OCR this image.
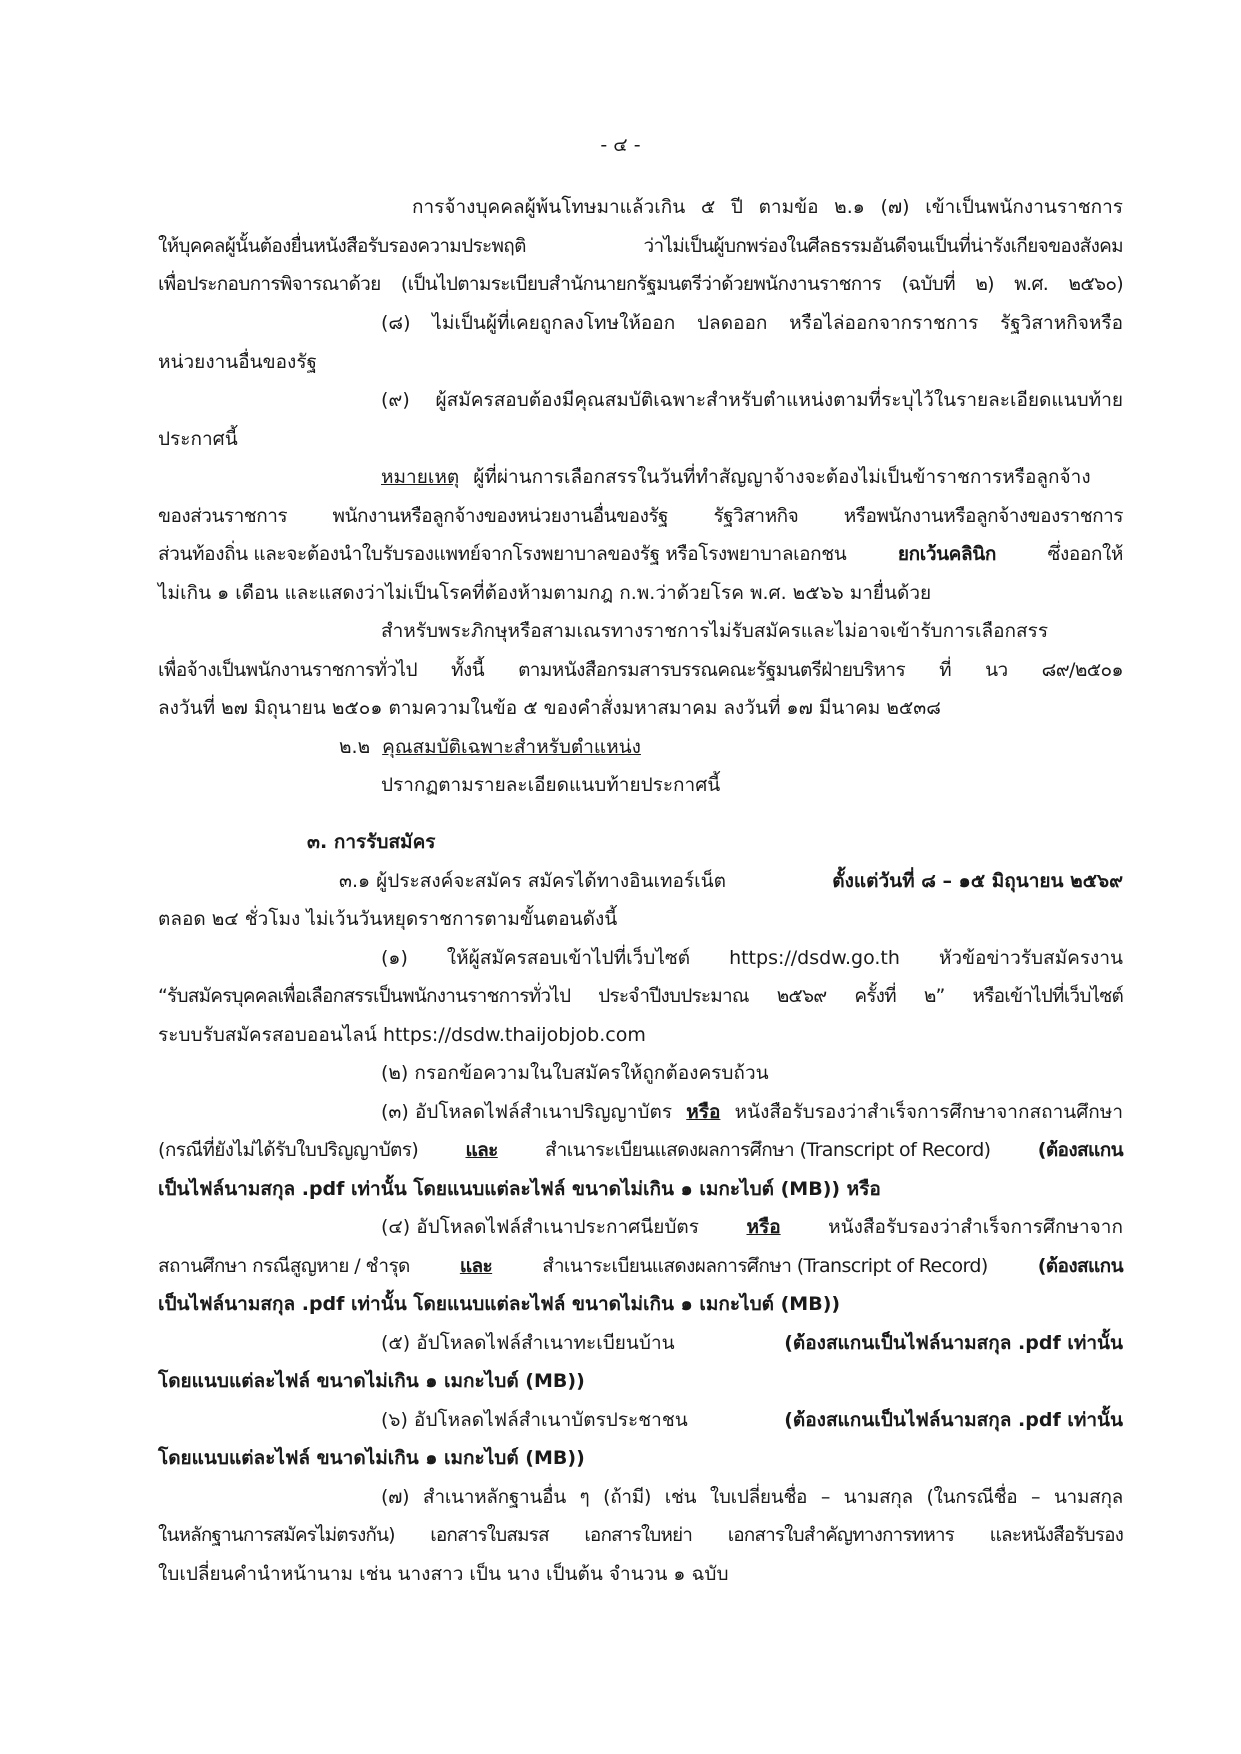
- ๔ -
การจ้างบุคคลผู้พ้นโทษมาแล้วเกิน ๕ ปี ตามข้อ ๒.๑ (๗) เข้าเป็นพนักงานราชการ
ให้บุคคลผู้นั้นต้องยื่นหนังสือรับรองความประพฤติ ว่าไม่เป็นผู้บกพร่องในศีลธรรมอันดีจนเป็นที่น่ารังเกียจของสังคม
เพื่อประกอบการพิจารณาด้วย (เป็นไปตามระเบียบสำนักนายกรัฐมนตรีว่าด้วยพนักงานราชการ (ฉบับที่ ๒) พ.ศ. ๒๕๖๐)
(๘) ไม่เป็นผู้ที่เคยถูกลงโทษให้ออก ปลดออก หรือไล่ออกจากราชการ รัฐวิสาหกิจหรือ
หน่วยงานอื่นของรัฐ
(๙) ผู้สมัครสอบต้องมีคุณสมบัติเฉพาะสำหรับตำแหน่งตามที่ระบุไว้ในรายละเอียดแนบท้าย
ประกาศนี้
หมายเหตุ ผู้ที่ผ่านการเลือกสรรในวันที่ทำสัญญาจ้างจะต้องไม่เป็นข้าราชการหรือลูกจ้าง
ของส่วนราชการ พนักงานหรือลูกจ้างของหน่วยงานอื่นของรัฐ รัฐวิสาหกิจ หรือพนักงานหรือลูกจ้างของราชการ
ส่วนท้องถิ่น และจะต้องนำใบรับรองแพทย์จากโรงพยาบาลของรัฐ หรือโรงพยาบาลเอกชน	ยกเว้นคลินิก	ซึ่งออกให้
ไม่เกิน ๑ เดือน และแสดงว่าไม่เป็นโรคที่ต้องห้ามตามกฎ ก.พ.ว่าด้วยโรค พ.ศ. ๒๕๖๖ มายื่นด้วย
สำหรับพระภิกษุหรือสามเณรทางราชการไม่รับสมัครและไม่อาจเข้ารับการเลือกสรร
เพื่อจ้างเป็นพนักงานราชการทั่วไป ทั้งนี้ ตามหนังสือกรมสารบรรณคณะรัฐมนตรีฝ่ายบริหาร ที่ นว ๘๙/๒๕๐๑
ลงวันที่ ๒๗ มิถุนายน ๒๕๐๑ ตามความในข้อ ๕ ของคำสั่งมหาสมาคม ลงวันที่ ๑๗ มีนาคม ๒๕๓๘
๒.๒ คุณสมบัติเฉพาะสำหรับตำแหน่ง
ปรากฏตามรายละเอียดแนบท้ายประกาศนี้
๓. การรับสมัคร
๓.๑ ผู้ประสงค์จะสมัคร สมัครได้ทางอินเทอร์เน็ต	ตั้งแต่วันที่ ๘ – ๑๕ มิถุนายน ๒๕๖๙
ตลอด ๒๔ ชั่วโมง ไม่เว้นวันหยุดราชการตามขั้นตอนดังนี้
(๑) ให้ผู้สมัครสอบเข้าไปที่เว็บไซต์ https://dsdw.go.th หัวข้อข่าวรับสมัครงาน
“รับสมัครบุคคลเพื่อเลือกสรรเป็นพนักงานราชการทั่วไป ประจำปีงบประมาณ ๒๕๖๙ ครั้งที่ ๒” หรือเข้าไปที่เว็บไซต์
ระบบรับสมัครสอบออนไลน์ https://dsdw.thaijobjob.com
(๒) กรอกข้อความในใบสมัครให้ถูกต้องครบถ้วน
(๓) อัปโหลดไฟล์สำเนาปริญญาบัตร หรือ หนังสือรับรองว่าสำเร็จการศึกษาจากสถานศึกษา
(กรณีที่ยังไม่ได้รับใบปริญญาบัตร) และ สำเนาระเบียนแสดงผลการศึกษา (Transcript of Record) (ต้องสแกน
เป็นไฟล์นามสกุล .pdf เท่านั้น โดยแนบแต่ละไฟล์ ขนาดไม่เกิน ๑ เมกะไบต์ (MB)) หรือ
(๔) อัปโหลดไฟล์สำเนาประกาศนียบัตร	หรือ	หนังสือรับรองว่าสำเร็จการศึกษาจาก
สถานศึกษา กรณีสูญหาย / ชำรุด	และ	สำเนาระเบียนแสดงผลการศึกษา (Transcript of Record)	(ต้องสแกน
เป็นไฟล์นามสกุล .pdf เท่านั้น โดยแนบแต่ละไฟล์ ขนาดไม่เกิน ๑ เมกะไบต์ (MB))
(๕) อัปโหลดไฟล์สำเนาทะเบียนบ้าน	(ต้องสแกนเป็นไฟล์นามสกุล .pdf เท่านั้น
โดยแนบแต่ละไฟล์ ขนาดไม่เกิน ๑ เมกะไบต์ (MB))
(๖) อัปโหลดไฟล์สำเนาบัตรประชาชน	(ต้องสแกนเป็นไฟล์นามสกุล .pdf เท่านั้น
โดยแนบแต่ละไฟล์ ขนาดไม่เกิน ๑ เมกะไบต์ (MB))
(๗) สำเนาหลักฐานอื่น ๆ (ถ้ามี) เช่น ใบเปลี่ยนชื่อ – นามสกุล (ในกรณีชื่อ – นามสกุล
ในหลักฐานการสมัครไม่ตรงกัน) เอกสารใบสมรส เอกสารใบหย่า เอกสารใบสำคัญทางการทหาร และหนังสือรับรอง
ใบเปลี่ยนคำนำหน้านาม เช่น นางสาว เป็น นาง เป็นต้น จำนวน ๑ ฉบับ
